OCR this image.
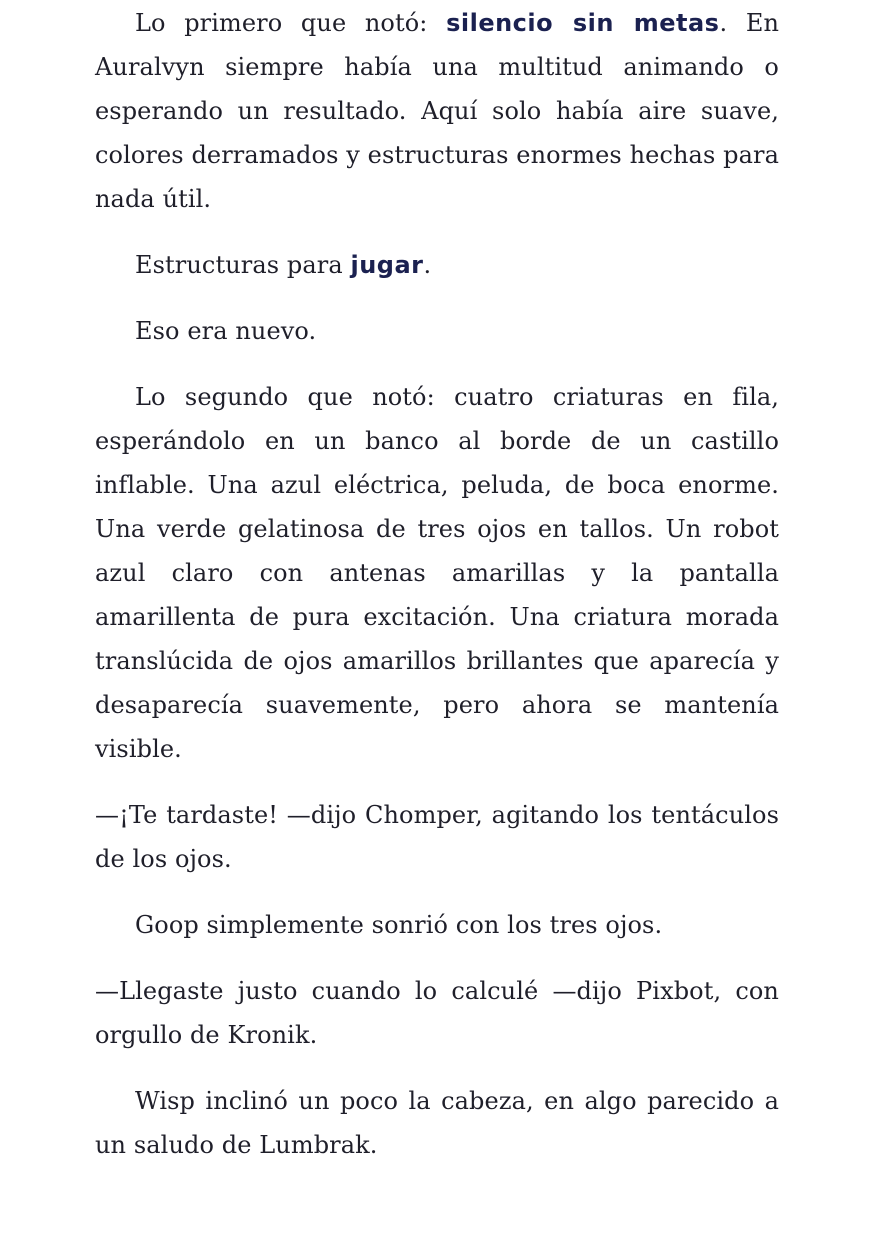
Lo primero que notó: silencio sin metas. En Auralvyn siempre había una multitud animando o esperando un resultado. Aquí solo había aire suave, colores derramados y estructuras enormes hechas para nada útil.

Estructuras para jugar.

Eso era nuevo.

Lo segundo que notó: cuatro criaturas en fila, esperándolo en un banco al borde de un castillo inflable. Una azul eléctrica, peluda, de boca enorme. Una verde gelatinosa de tres ojos en tallos. Un robot azul claro con antenas amarillas y la pantalla amarillenta de pura excitación. Una criatura morada translúcida de ojos amarillos brillantes que aparecía y desaparecía suavemente, pero ahora se mantenía visible.

—¡Te tardaste! —dijo Chomper, agitando los tentáculos de los ojos.

Goop simplemente sonrió con los tres ojos.

—Llegaste justo cuando lo calculé —dijo Pixbot, con orgullo de Kronik.

Wisp inclinó un poco la cabeza, en algo parecido a un saludo de Lumbrak.
